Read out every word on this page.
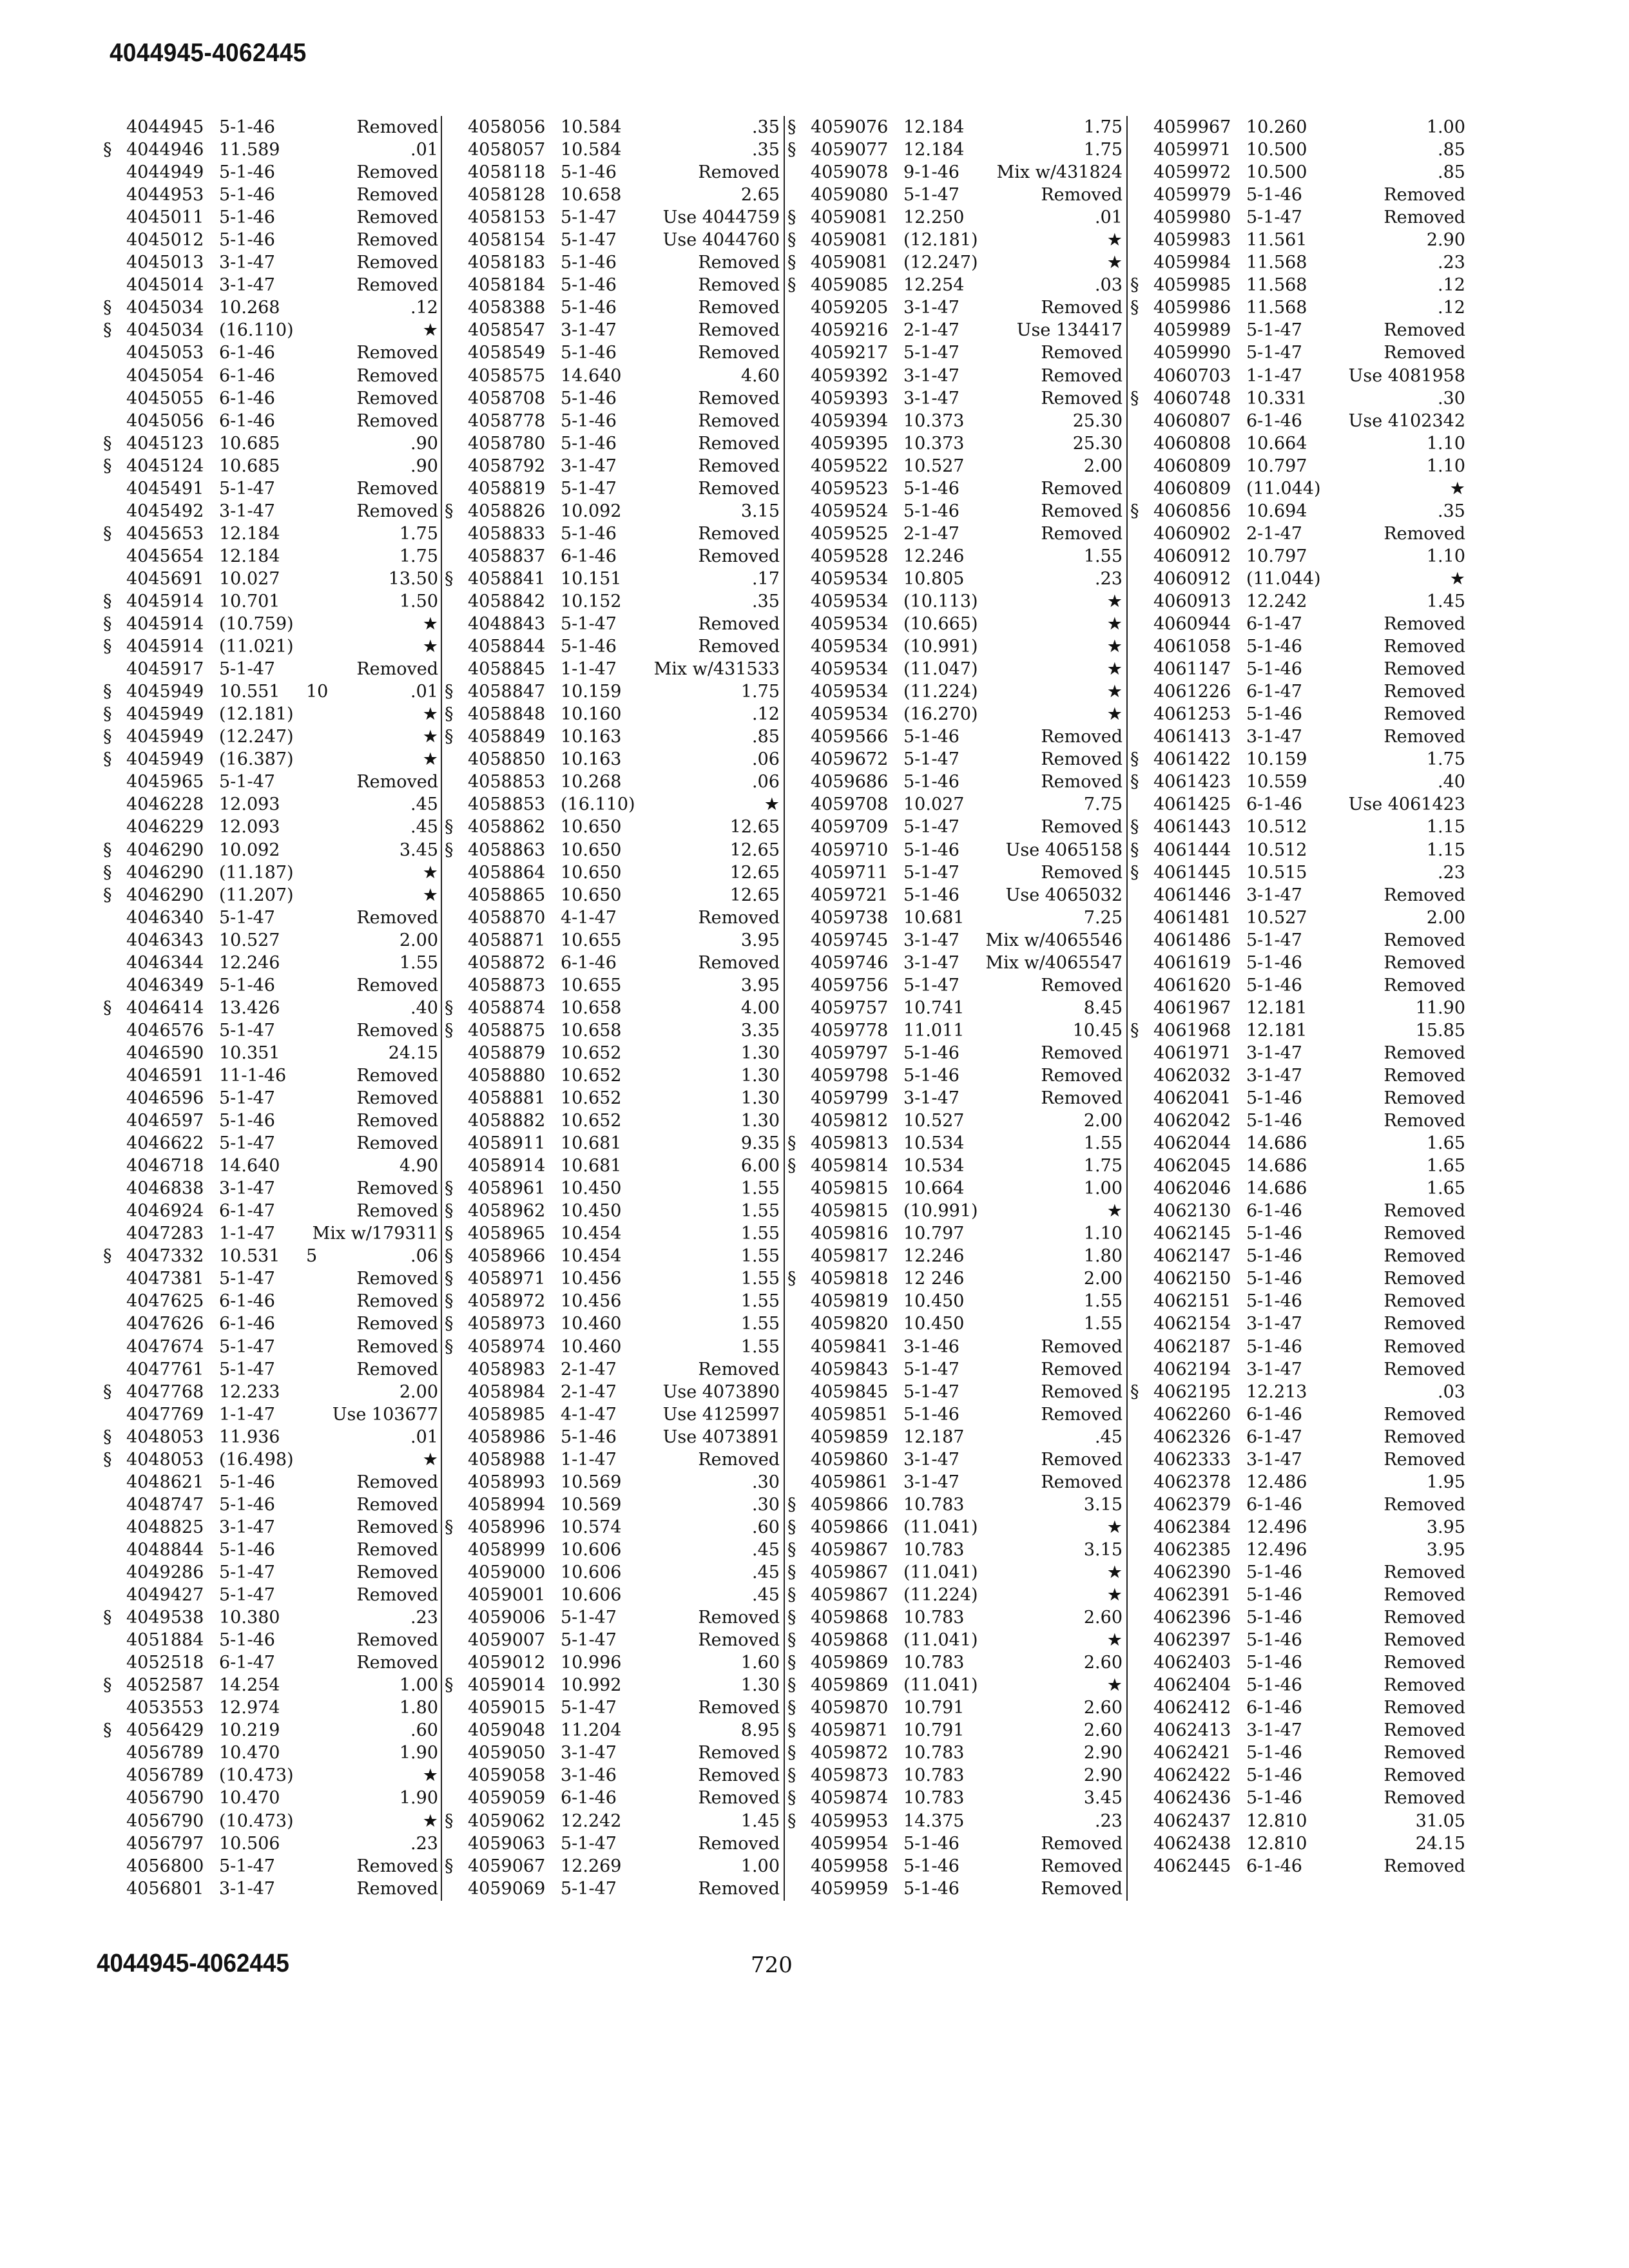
4044945-4062445
4044945 5-1-46	Removed
§ 4044946 11.589	.01
4044949 5-1-46	Removed
4044953 5-1-46	Removed
4045011 5-1-46	Removed
4045012 5-1-46	Removed
4045013 3-1-47	Removed
4045014 3-1-47	Removed
§ 4045034 10.268	.12
§ 4045034 (16.110)	★
4045053 6-1-46	Removed
4045054 6-1-46	Removed
4045055 6-1-46	Removed
4045056 6-1-46	Removed
§ 4045123 10.685	.90
§ 4045124 10.685	.90
4045491 5-1-47	Removed
4045492 3-1-47	Removed
§ 4045653 12.184	1.75
4045654 12.184	1.75
4045691 10.027	13.50
§ 4045914 10.701	1.50
§ 4045914 (10.759)	★
§ 4045914 (11.021)	★
4045917 5-1-47	Removed
§ 4045949 10.551 10	.01
§ 4045949 (12.181)	★
§ 4045949 (12.247)	★
§ 4045949 (16.387)	★
4045965 5-1-47	Removed
4046228 12.093	.45
4046229 12.093	.45
§ 4046290 10.092	3.45
§ 4046290 (11.187)	★
§ 4046290 (11.207)	★
4046340 5-1-47	Removed
4046343 10.527	2.00
4046344 12.246	1.55
4046349 5-1-46	Removed
§ 4046414 13.426	.40
4046576 5-1-47	Removed
4046590 10.351	24.15
4046591 11-1-46	Removed
4046596 5-1-47	Removed
4046597 5-1-46	Removed
4046622 5-1-47	Removed
4046718 14.640	4.90
4046838 3-1-47	Removed
4046924 6-1-47	Removed
4047283 1-1-47 Mix w/179311
§ 4047332 10.531 5	.06
4047381 5-1-47	Removed
4047625 6-1-46	Removed
4047626 6-1-46	Removed
4047674 5-1-47	Removed
4047761 5-1-47	Removed
§ 4047768 12.233	2.00
4047769 1-1-47	Use 103677
§ 4048053 11.936	.01
§ 4048053 (16.498)	★
4048621 5-1-46	Removed
4048747 5-1-46	Removed
4048825 3-1-47	Removed
4048844 5-1-46	Removed
4049286 5-1-47	Removed
4049427 5-1-47	Removed
§ 4049538 10.380	.23
4051884 5-1-46	Removed
4052518 6-1-47	Removed
§ 4052587 14.254	1.00
4053553 12.974	1.80
§ 4056429 10.219	.60
4056789 10.470	1.90
4056789 (10.473)	★
4056790 10.470	1.90
4056790 (10.473)	★
4056797 10.506	.23
4056800 5-1-47	Removed
4056801 3-1-47	Removed
4058056 10.584	.35
4058057 10.584	.35
4058118 5-1-46	Removed
4058128 10.658	2.65
4058153 5-1-47	Use 4044759
4058154 5-1-47	Use 4044760
4058183 5-1-46	Removed
4058184 5-1-46	Removed
4058388 5-1-46	Removed
4058547 3-1-47	Removed
4058549 5-1-46	Removed
4058575 14.640	4.60
4058708 5-1-46	Removed
4058778 5-1-46	Removed
4058780 5-1-46	Removed
4058792 3-1-47	Removed
4058819 5-1-47	Removed
§ 4058826 10.092	3.15
4058833 5-1-46	Removed
4058837 6-1-46	Removed
§ 4058841 10.151	.17
4058842 10.152	.35
4048843 5-1-47	Removed
4058844 5-1-46	Removed
4058845 1-1-47 Mix w/431533
§ 4058847 10.159	1.75
§ 4058848 10.160	.12
§ 4058849 10.163	.85
4058850 10.163	.06
4058853 10.268	.06
4058853 (16.110)	★
§ 4058862 10.650	12.65
§ 4058863 10.650	12.65
4058864 10.650	12.65
4058865 10.650	12.65
4058870 4-1-47	Removed
4058871 10.655	3.95
4058872 6-1-46	Removed
4058873 10.655	3.95
§ 4058874 10.658	4.00
§ 4058875 10.658	3.35
4058879 10.652	1.30
4058880 10.652	1.30
4058881 10.652	1.30
4058882 10.652	1.30
4058911 10.681	9.35
4058914 10.681	6.00
§ 4058961 10.450	1.55
§ 4058962 10.450	1.55
§ 4058965 10.454	1.55
§ 4058966 10.454	1.55
§ 4058971 10.456	1.55
§ 4058972 10.456	1.55
§ 4058973 10.460	1.55
§ 4058974 10.460	1.55
4058983 2-1-47	Removed
4058984 2-1-47	Use 4073890
4058985 4-1-47	Use 4125997
4058986 5-1-46	Use 4073891
4058988 1-1-47	Removed
4058993 10.569	.30
4058994 10.569	.30
§ 4058996 10.574	.60
4058999 10.606	.45
4059000 10.606	.45
4059001 10.606	.45
4059006 5-1-47	Removed
4059007 5-1-47	Removed
4059012 10.996	1.60
§ 4059014 10.992	1.30
4059015 5-1-47	Removed
4059048 11.204	8.95
4059050 3-1-47	Removed
4059058 3-1-46	Removed
4059059 6-1-46	Removed
§ 4059062 12.242	1.45
4059063 5-1-47	Removed
§ 4059067 12.269	1.00
4059069 5-1-47	Removed
§ 4059076 12.184	1.75
§ 4059077 12.184	1.75
4059078 9-1-46 Mix w/431824
4059080 5-1-47	Removed
§ 4059081 12.250	.01
§ 4059081 (12.181)	★
§ 4059081 (12.247)	★
§ 4059085 12.254	.03
4059205 3-1-47	Removed
4059216 2-1-47	Use 134417
4059217 5-1-47	Removed
4059392 3-1-47	Removed
4059393 3-1-47	Removed
4059394 10.373	25.30
4059395 10.373	25.30
4059522 10.527	2.00
4059523 5-1-46	Removed
4059524 5-1-46	Removed
4059525 2-1-47	Removed
4059528 12.246	1.55
4059534 10.805	.23
4059534 (10.113)	★
4059534 (10.665)	★
4059534 (10.991)	★
4059534 (11.047)	★
4059534 (11.224)	★
4059534 (16.270)	★
4059566 5-1-46	Removed
4059672 5-1-47	Removed
4059686 5-1-46	Removed
4059708 10.027	7.75
4059709 5-1-47	Removed
4059710 5-1-46	Use 4065158
4059711 5-1-47	Removed
4059721 5-1-46	Use 4065032
4059738 10.681	7.25
4059745 3-1-47 Mix w/4065546
4059746 3-1-47 Mix w/4065547
4059756 5-1-47	Removed
4059757 10.741	8.45
4059778 11.011	10.45
4059797 5-1-46	Removed
4059798 5-1-46	Removed
4059799 3-1-47	Removed
4059812 10.527	2.00
§ 4059813 10.534	1.55
§ 4059814 10.534	1.75
4059815 10.664	1.00
4059815 (10.991)	★
4059816 10.797	1.10
4059817 12.246	1.80
§ 4059818 12 246	2.00
4059819 10.450	1.55
4059820 10.450	1.55
4059841 3-1-46	Removed
4059843 5-1-47	Removed
4059845 5-1-47	Removed
4059851 5-1-46	Removed
4059859 12.187	.45
4059860 3-1-47	Removed
4059861 3-1-47	Removed
§ 4059866 10.783	3.15
§ 4059866 (11.041)	★
§ 4059867 10.783	3.15
§ 4059867 (11.041)	★
§ 4059867 (11.224)	★
§ 4059868 10.783	2.60
§ 4059868 (11.041)	★
§ 4059869 10.783	2.60
§ 4059869 (11.041)	★
§ 4059870 10.791	2.60
§ 4059871 10.791	2.60
§ 4059872 10.783	2.90
§ 4059873 10.783	2.90
§ 4059874 10.783	3.45
§ 4059953 14.375	.23
4059954 5-1-46	Removed
4059958 5-1-46	Removed
4059959 5-1-46	Removed
4059967 10.260	1.00
4059971 10.500	.85
4059972 10.500	.85
4059979 5-1-46	Removed
4059980 5-1-47	Removed
4059983 11.561	2.90
4059984 11.568	.23
§ 4059985 11.568	.12
§ 4059986 11.568	.12
4059989 5-1-47	Removed
4059990 5-1-47	Removed
4060703 1-1-47	Use 4081958
§ 4060748 10.331	.30
4060807 6-1-46	Use 4102342
4060808 10.664	1.10
4060809 10.797	1.10
4060809 (11.044)	★
§ 4060856 10.694	.35
4060902 2-1-47	Removed
4060912 10.797	1.10
4060912 (11.044)	★
4060913 12.242	1.45
4060944 6-1-47	Removed
4061058 5-1-46	Removed
4061147 5-1-46	Removed
4061226 6-1-47	Removed
4061253 5-1-46	Removed
4061413 3-1-47	Removed
§ 4061422 10.159	1.75
§ 4061423 10.559	.40
4061425 6-1-46	Use 4061423
§ 4061443 10.512	1.15
§ 4061444 10.512	1.15
§ 4061445 10.515	.23
4061446 3-1-47	Removed
4061481 10.527	2.00
4061486 5-1-47	Removed
4061619 5-1-46	Removed
4061620 5-1-46	Removed
4061967 12.181	11.90
§ 4061968 12.181	15.85
4061971 3-1-47	Removed
4062032 3-1-47	Removed
4062041 5-1-46	Removed
4062042 5-1-46	Removed
4062044 14.686	1.65
4062045 14.686	1.65
4062046 14.686	1.65
4062130 6-1-46	Removed
4062145 5-1-46	Removed
4062147 5-1-46	Removed
4062150 5-1-46	Removed
4062151 5-1-46	Removed
4062154 3-1-47	Removed
4062187 5-1-46	Removed
4062194 3-1-47	Removed
§ 4062195 12.213	.03
4062260 6-1-46	Removed
4062326 6-1-47	Removed
4062333 3-1-47	Removed
4062378 12.486	1.95
4062379 6-1-46	Removed
4062384 12.496	3.95
4062385 12.496	3.95
4062390 5-1-46	Removed
4062391 5-1-46	Removed
4062396 5-1-46	Removed
4062397 5-1-46	Removed
4062403 5-1-46	Removed
4062404 5-1-46	Removed
4062412 6-1-46	Removed
4062413 3-1-47	Removed
4062421 5-1-46	Removed
4062422 5-1-46	Removed
4062436 5-1-46	Removed
4062437 12.810	31.05
4062438 12.810	24.15
4062445 6-1-46	Removed
4044945-4062445	720
